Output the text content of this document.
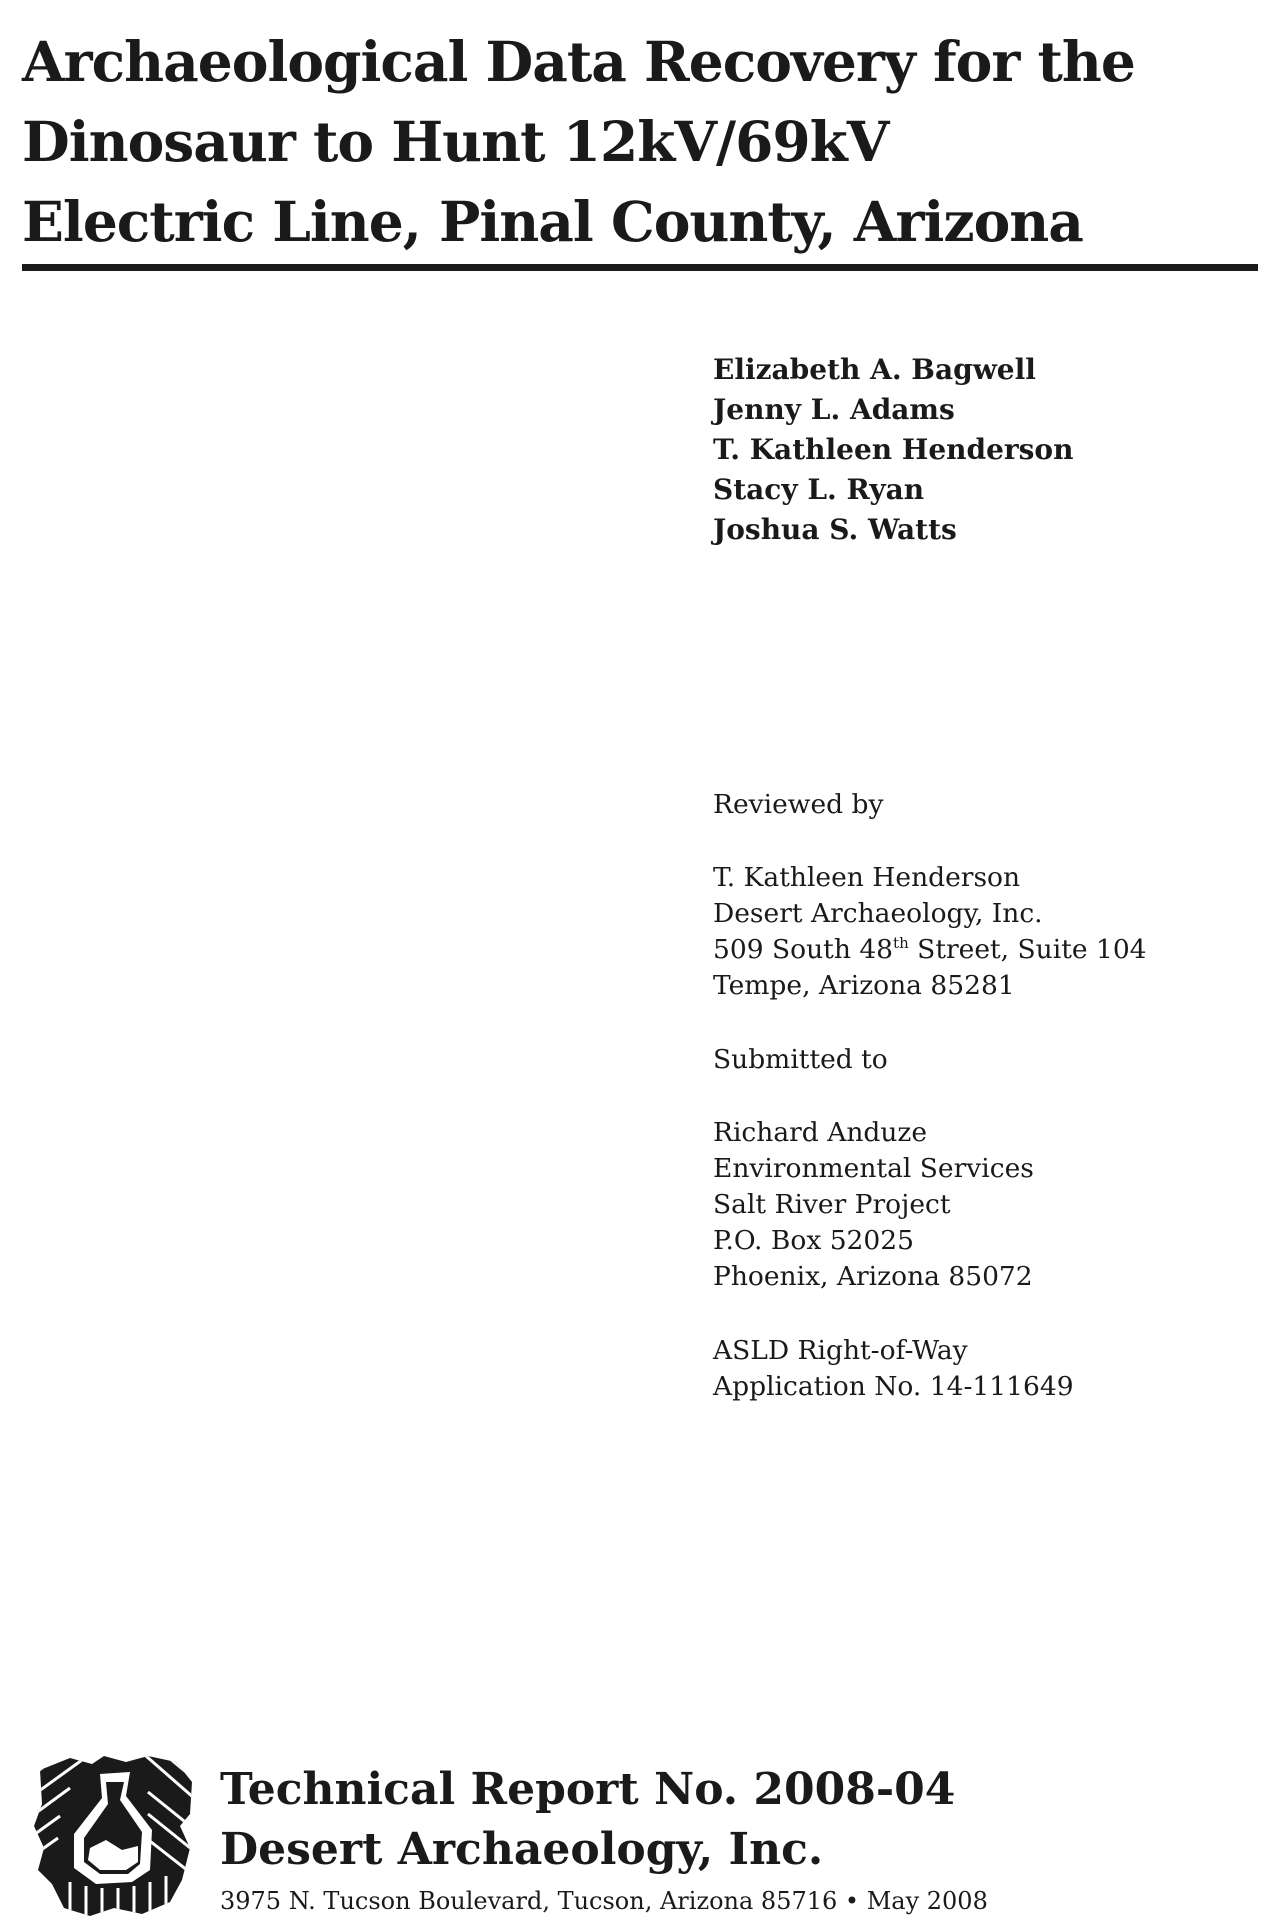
Archaeological Data Recovery for the
Dinosaur to Hunt 12kV/69kV
Electric Line, Pinal County, Arizona
Elizabeth A. Bagwell
Jenny L. Adams
T. Kathleen Henderson
Stacy L. Ryan
Joshua S. Watts
Reviewed by
T. Kathleen Henderson
Desert Archaeology, Inc.
509 South 48th Street, Suite 104
Tempe, Arizona 85281
Submitted to
Richard Anduze
Environmental Services
Salt River Project
P.O. Box 52025
Phoenix, Arizona 85072
ASLD Right-of-Way
Application No. 14-111649
Technical Report No. 2008-04
Desert Archaeology, Inc.
3975 N. Tucson Boulevard, Tucson, Arizona 85716 • May 2008
